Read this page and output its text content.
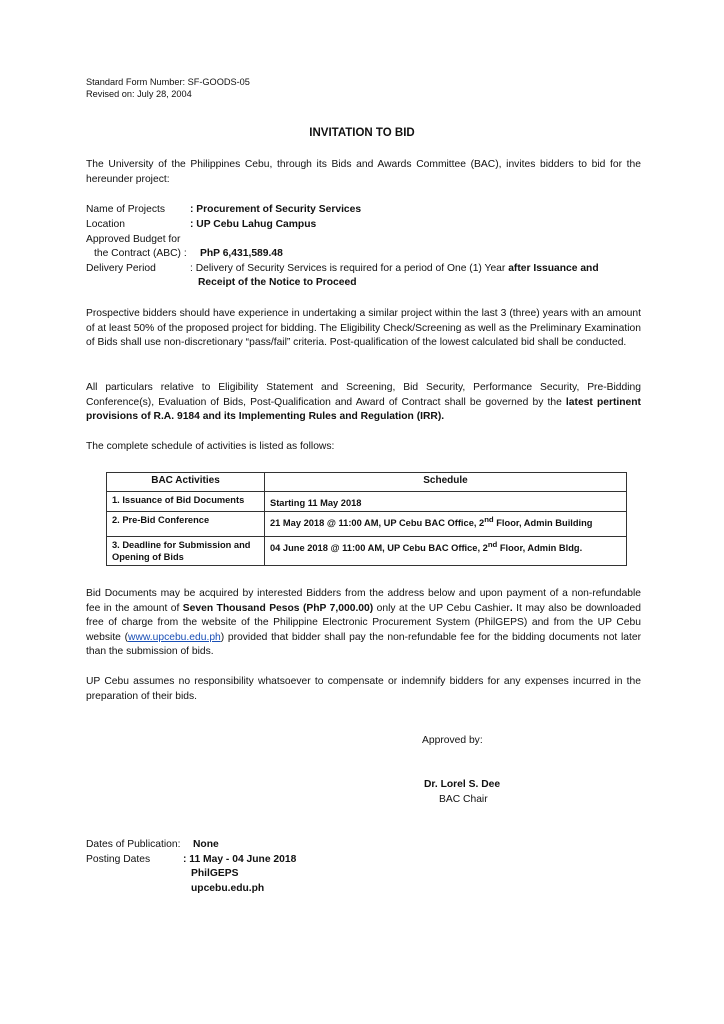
Standard Form Number: SF-GOODS-05
Revised on: July 28, 2004
INVITATION TO BID
The University of the Philippines Cebu, through its Bids and Awards Committee (BAC), invites bidders to bid for the hereunder project:
Name of Projects : Procurement of Security Services
Location	: UP Cebu Lahug Campus
Approved Budget for
the Contract (ABC) : PhP 6,431,589.48
Delivery Period	: Delivery of Security Services is required for a period of One (1) Year after Issuance and
Receipt of the Notice to Proceed
Prospective bidders should have experience in undertaking a similar project within the last 3 (three) years with an amount of at least 50% of the proposed project for bidding. The Eligibility Check/Screening as well as the Preliminary Examination of Bids shall use non-discretionary “pass/fail” criteria. Post-qualification of the lowest calculated bid shall be conducted.
All particulars relative to Eligibility Statement and Screening, Bid Security, Performance Security, Pre-Bidding Conference(s), Evaluation of Bids, Post-Qualification and Award of Contract shall be governed by the latest pertinent provisions of R.A. 9184 and its Implementing Rules and Regulation (IRR).
The complete schedule of activities is listed as follows:
BAC Activities	Schedule
1. Issuance of Bid Documents	Starting 11 May 2018
2. Pre-Bid Conference	21 May 2018 @ 11:00 AM, UP Cebu BAC Office, 2nd Floor, Admin Building
3. Deadline for Submission and Opening of Bids	04 June 2018 @ 11:00 AM, UP Cebu BAC Office, 2nd Floor, Admin Bldg.
Bid Documents may be acquired by interested Bidders from the address below and upon payment of a non-refundable fee in the amount of Seven Thousand Pesos (PhP 7,000.00) only at the UP Cebu Cashier. It may also be downloaded free of charge from the website of the Philippine Electronic Procurement System (PhilGEPS) and from the UP Cebu website (www.upcebu.edu.ph) provided that bidder shall pay the non-refundable fee for the bidding documents not later than the submission of bids.
UP Cebu assumes no responsibility whatsoever to compensate or indemnify bidders for any expenses incurred in the preparation of their bids.
Approved by:
Dr. Lorel S. Dee
BAC Chair
Dates of Publication: None
Posting Dates	: 11 May - 04 June 2018
PhilGEPS
upcebu.edu.ph
